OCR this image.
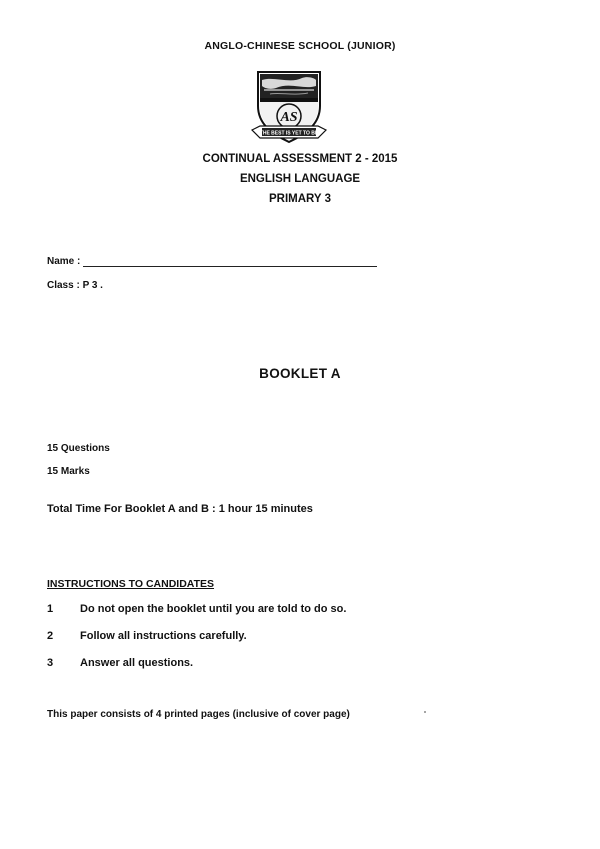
ANGLO-CHINESE SCHOOL (JUNIOR)
AS
THE BEST IS YET TO BE
CONTINUAL ASSESSMENT 2 - 2015
ENGLISH LANGUAGE
PRIMARY 3
Name :
Class : P 3 .
BOOKLET A
15 Questions
15 Marks
Total Time For Booklet A and B : 1 hour 15 minutes
INSTRUCTIONS TO CANDIDATES
1 Do not open the booklet until you are told to do so.
2 Follow all instructions carefully.
3 Answer all questions.
This paper consists of 4 printed pages (inclusive of cover page)
